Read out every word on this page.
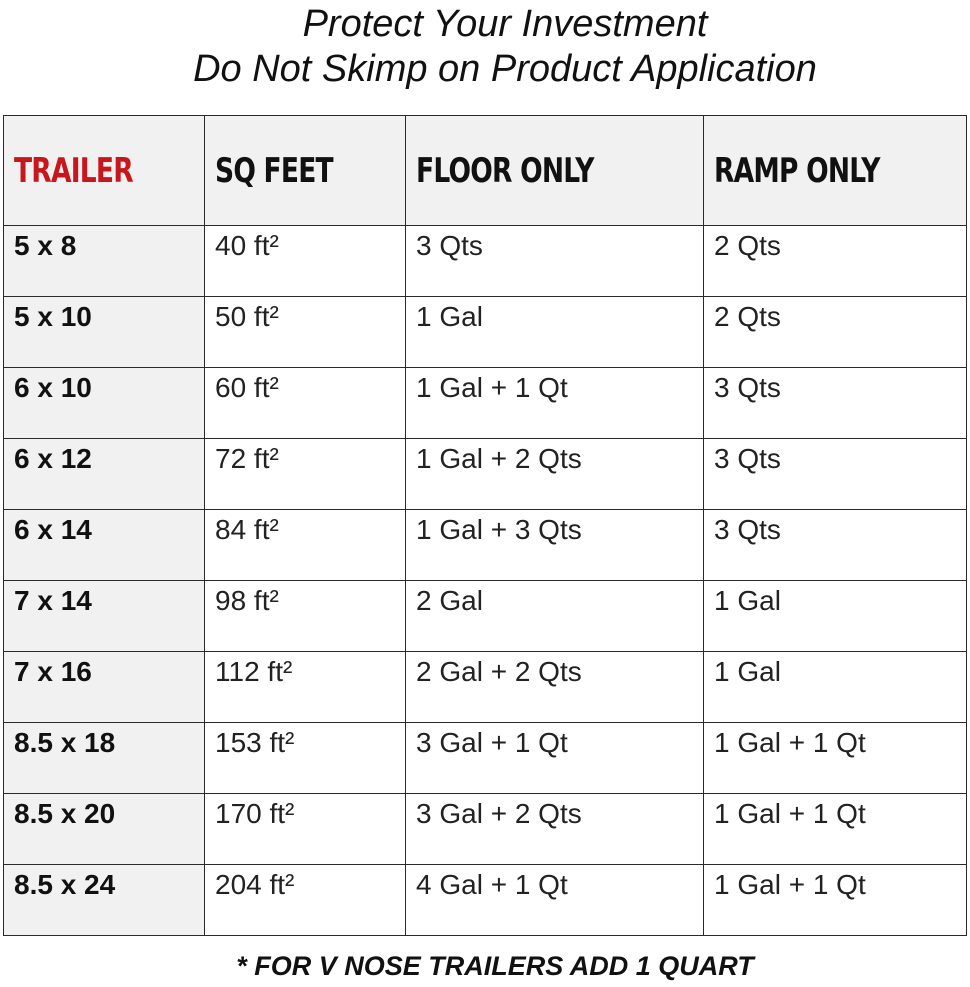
Protect Your Investment
Do Not Skimp on Product Application
TRAILER	SQ FEET	FLOOR ONLY	RAMP ONLY
5 x 8	40 ft²	3 Qts	2 Qts
5 x 10	50 ft²	1 Gal	2 Qts
6 x 10	60 ft²	1 Gal + 1 Qt	3 Qts
6 x 12	72 ft²	1 Gal + 2 Qts	3 Qts
6 x 14	84 ft²	1 Gal + 3 Qts	3 Qts
7 x 14	98 ft²	2 Gal	1 Gal
7 x 16	112 ft²	2 Gal + 2 Qts	1 Gal
8.5 x 18	153 ft²	3 Gal + 1 Qt	1 Gal + 1 Qt
8.5 x 20	170 ft²	3 Gal + 2 Qts	1 Gal + 1 Qt
8.5 x 24	204 ft²	4 Gal + 1 Qt	1 Gal + 1 Qt
* FOR V NOSE TRAILERS ADD 1 QUART
